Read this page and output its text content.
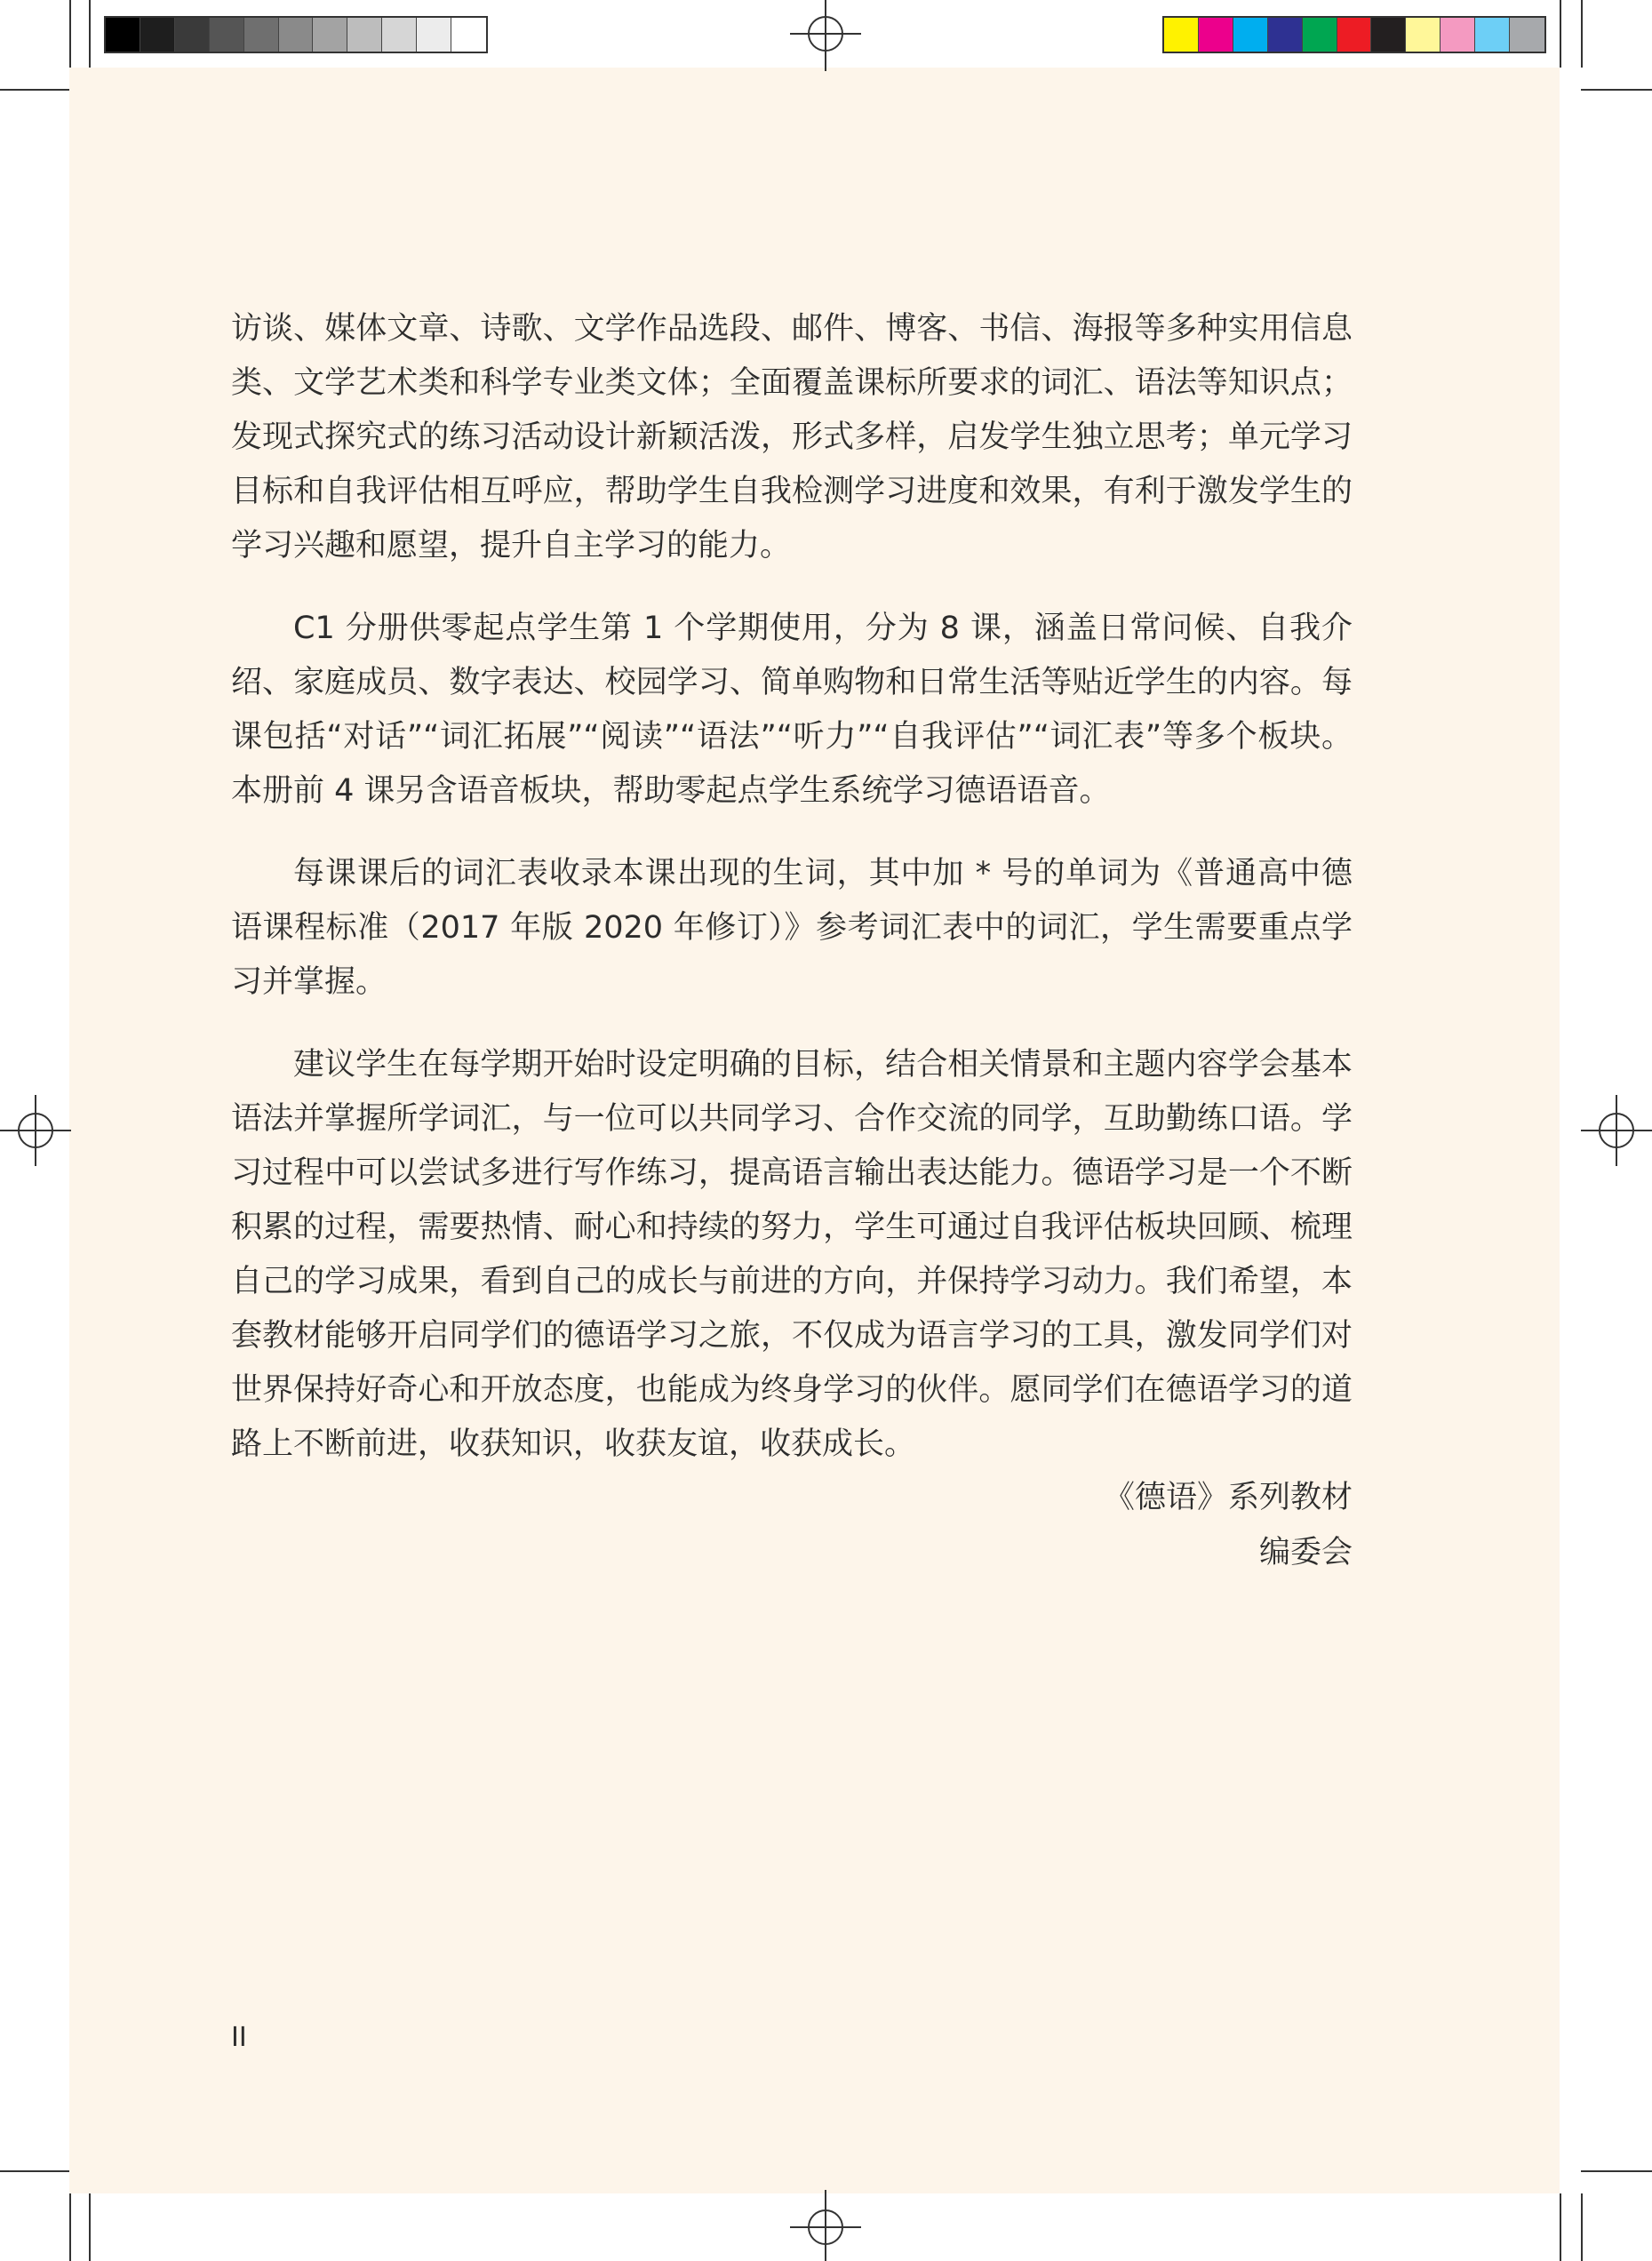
访谈、媒体文章、诗歌、文学作品选段、邮件、博客、书信、海报等多种实用信息类、文学艺术类和科学专业类文体；全面覆盖课标所要求的词汇、语法等知识点；发现式探究式的练习活动设计新颖活泼，形式多样，启发学生独立思考；单元学习目标和自我评估相互呼应，帮助学生自我检测学习进度和效果，有利于激发学生的学习兴趣和愿望，提升自主学习的能力。

C1 分册供零起点学生第 1 个学期使用，分为 8 课，涵盖日常问候、自我介绍、家庭成员、数字表达、校园学习、简单购物和日常生活等贴近学生的内容。每课包括“对话”“词汇拓展”“阅读”“语法”“听力”“自我评估”“词汇表”等多个板块。本册前 4 课另含语音板块，帮助零起点学生系统学习德语语音。

每课课后的词汇表收录本课出现的生词，其中加 * 号的单词为《普通高中德语课程标准（2017 年版 2020 年修订）》参考词汇表中的词汇，学生需要重点学习并掌握。

建议学生在每学期开始时设定明确的目标，结合相关情景和主题内容学会基本语法并掌握所学词汇，与一位可以共同学习、合作交流的同学，互助勤练口语。学习过程中可以尝试多进行写作练习，提高语言输出表达能力。德语学习是一个不断积累的过程，需要热情、耐心和持续的努力，学生可通过自我评估板块回顾、梳理自己的学习成果，看到自己的成长与前进的方向，并保持学习动力。我们希望，本套教材能够开启同学们的德语学习之旅，不仅成为语言学习的工具，激发同学们对世界保持好奇心和开放态度，也能成为终身学习的伙伴。愿同学们在德语学习的道路上不断前进，收获知识，收获友谊，收获成长。

《德语》系列教材
编委会
II
